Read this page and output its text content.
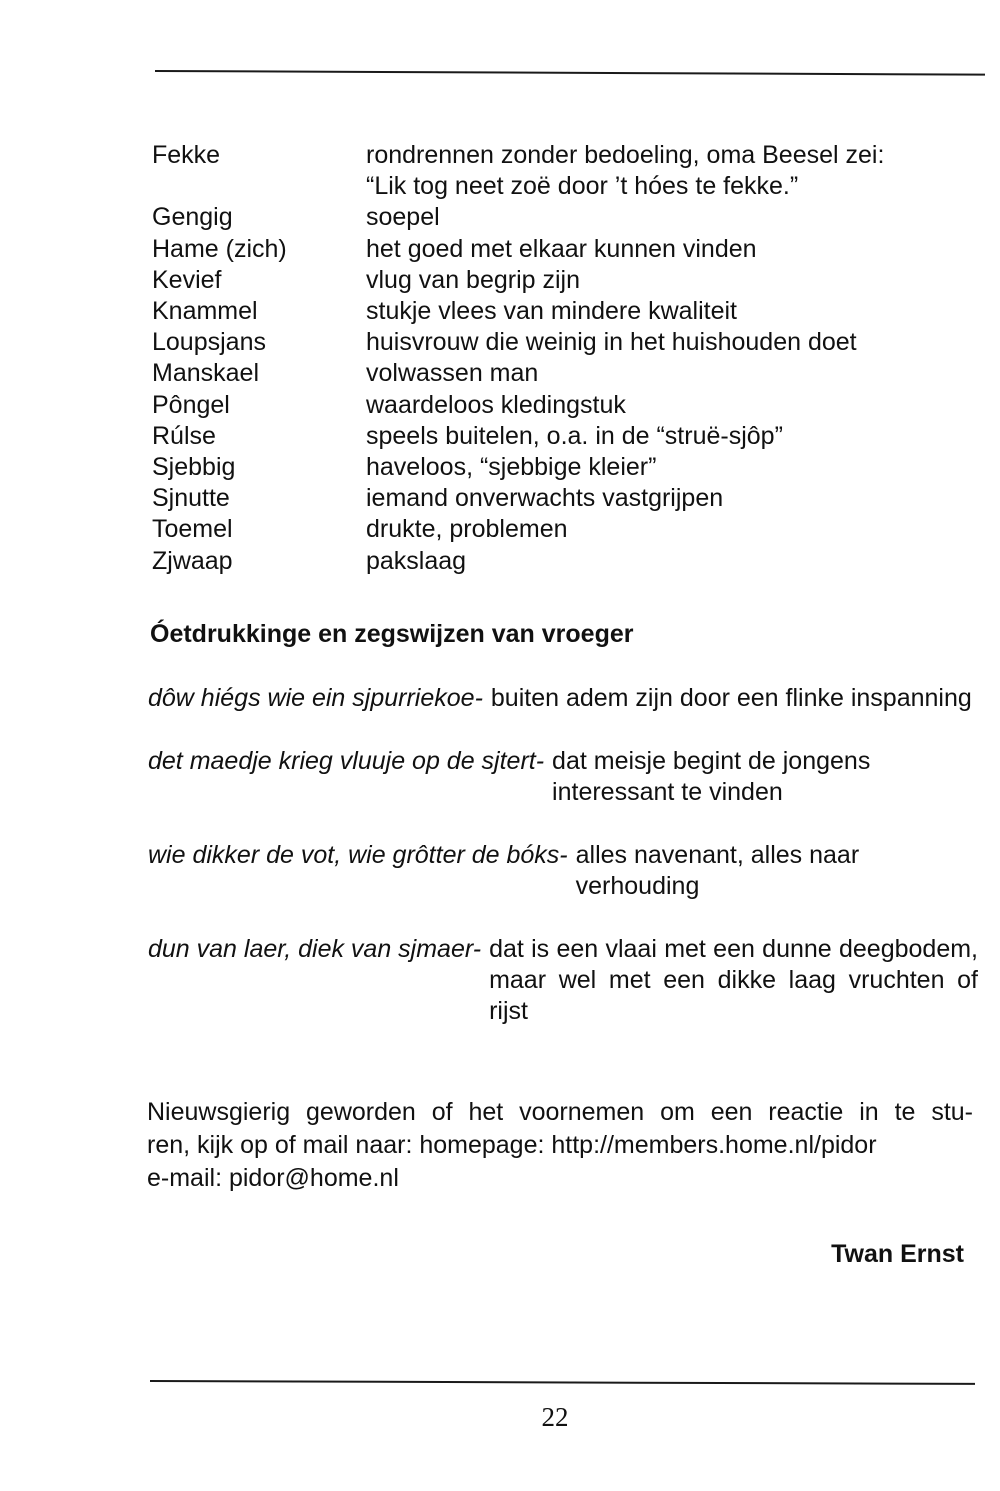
Fekke	rondrennen zonder bedoeling, oma Beesel zei:
“Lik tog neet zoë door ’t hóes te fekke.”
Gengig	soepel
Hame (zich)	het goed met elkaar kunnen vinden
Kevief	vlug van begrip zijn
Knammel	stukje vlees van mindere kwaliteit
Loupsjans	huisvrouw die weinig in het huishouden doet
Manskael	volwassen man
Pôngel	waardeloos kledingstuk
Rúlse	speels buitelen, o.a. in de “struë-sjôp”
Sjebbig	haveloos, “sjebbige kleier”
Sjnutte	iemand onverwachts vastgrijpen
Toemel	drukte, problemen
Zjwaap	pakslaag
Óetdrukkinge en zegswijzen van vroeger
dôw hiégs wie ein sjpurriekoe- buiten adem zijn door een flinke inspanning
det maedje krieg vluuje op de sjtert- dat meisje begint de jongens interessant te vinden
wie dikker de vot, wie grôtter de bóks- alles navenant, alles naar verhouding
dun van laer, diek van sjmaer- dat is een vlaai met een dunne deegbodem, maar wel met een dikke laag vruchten of rijst
Nieuwsgierig geworden of het voornemen om een reactie in te stu-
ren, kijk op of mail naar: homepage: http://members.home.nl/pidor
e-mail: pidor@home.nl
Twan Ernst
22
